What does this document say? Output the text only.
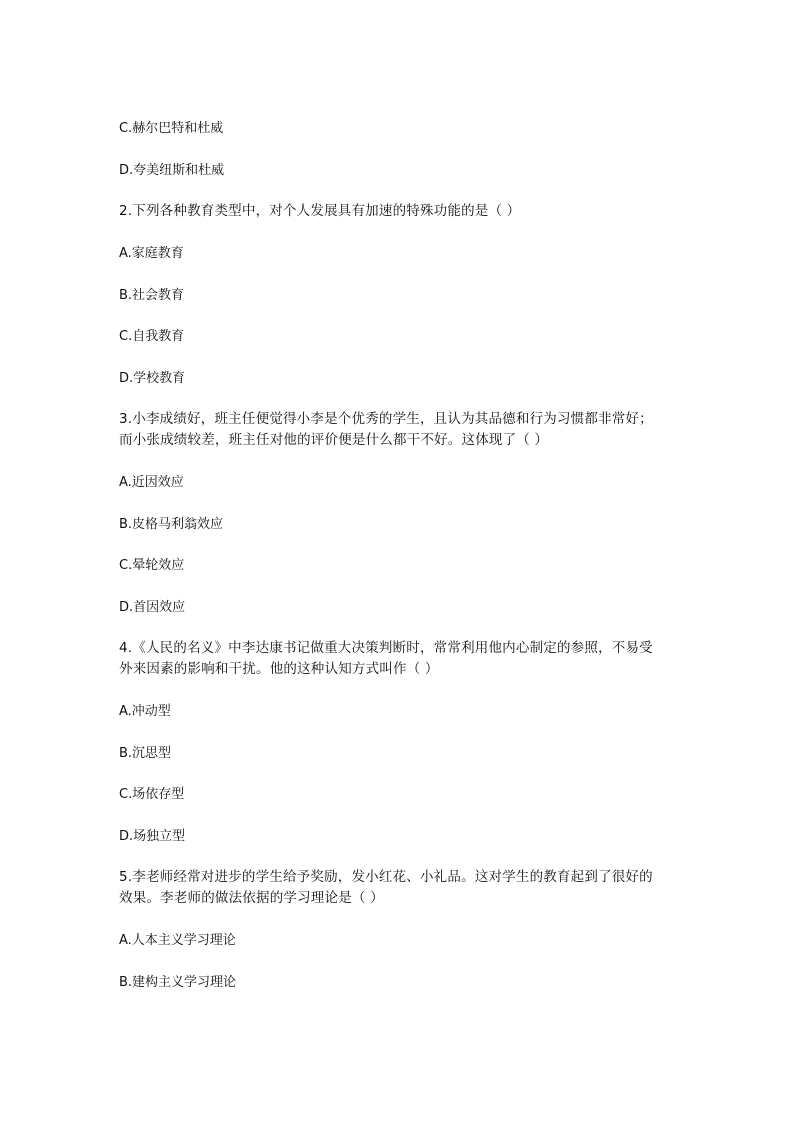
C.赫尔巴特和杜威
D.夸美纽斯和杜威
2.下列各种教育类型中，对个人发展具有加速的特殊功能的是（ ）
A.家庭教育
B.社会教育
C.自我教育
D.学校教育
3.小李成绩好，班主任便觉得小李是个优秀的学生，且认为其品德和行为习惯都非常好；
而小张成绩较差，班主任对他的评价便是什么都干不好。这体现了（ ）
A.近因效应
B.皮格马利翁效应
C.晕轮效应
D.首因效应
4.《人民的名义》中李达康书记做重大决策判断时，常常利用他内心制定的参照，不易受
外来因素的影响和干扰。他的这种认知方式叫作（ ）
A.冲动型
B.沉思型
C.场依存型
D.场独立型
5.李老师经常对进步的学生给予奖励，发小红花、小礼品。这对学生的教育起到了很好的
效果。李老师的做法依据的学习理论是（ ）
A.人本主义学习理论
B.建构主义学习理论
